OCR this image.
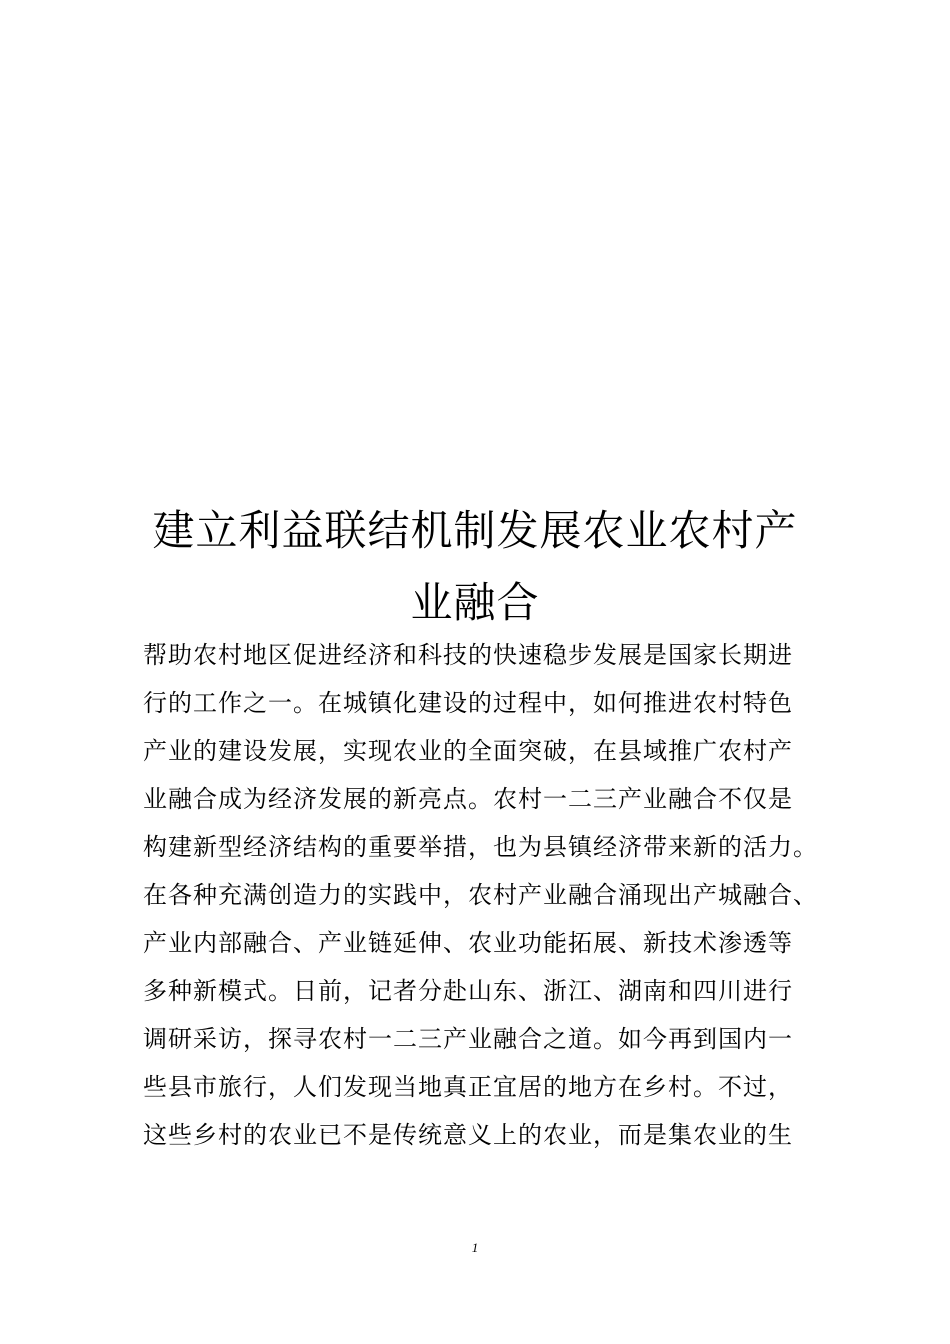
建立利益联结机制发展农业农村产
业融合
帮助农村地区促进经济和科技的快速稳步发展是国家长期进
行的工作之一。在城镇化建设的过程中，如何推进农村特色
产业的建设发展，实现农业的全面突破，在县域推广农村产
业融合成为经济发展的新亮点。农村一二三产业融合不仅是
构建新型经济结构的重要举措，也为县镇经济带来新的活力。
在各种充满创造力的实践中，农村产业融合涌现出产城融合、
产业内部融合、产业链延伸、农业功能拓展、新技术渗透等
多种新模式。日前，记者分赴山东、浙江、湖南和四川进行
调研采访，探寻农村一二三产业融合之道。如今再到国内一
些县市旅行，人们发现当地真正宜居的地方在乡村。不过，
这些乡村的农业已不是传统意义上的农业，而是集农业的生
1
